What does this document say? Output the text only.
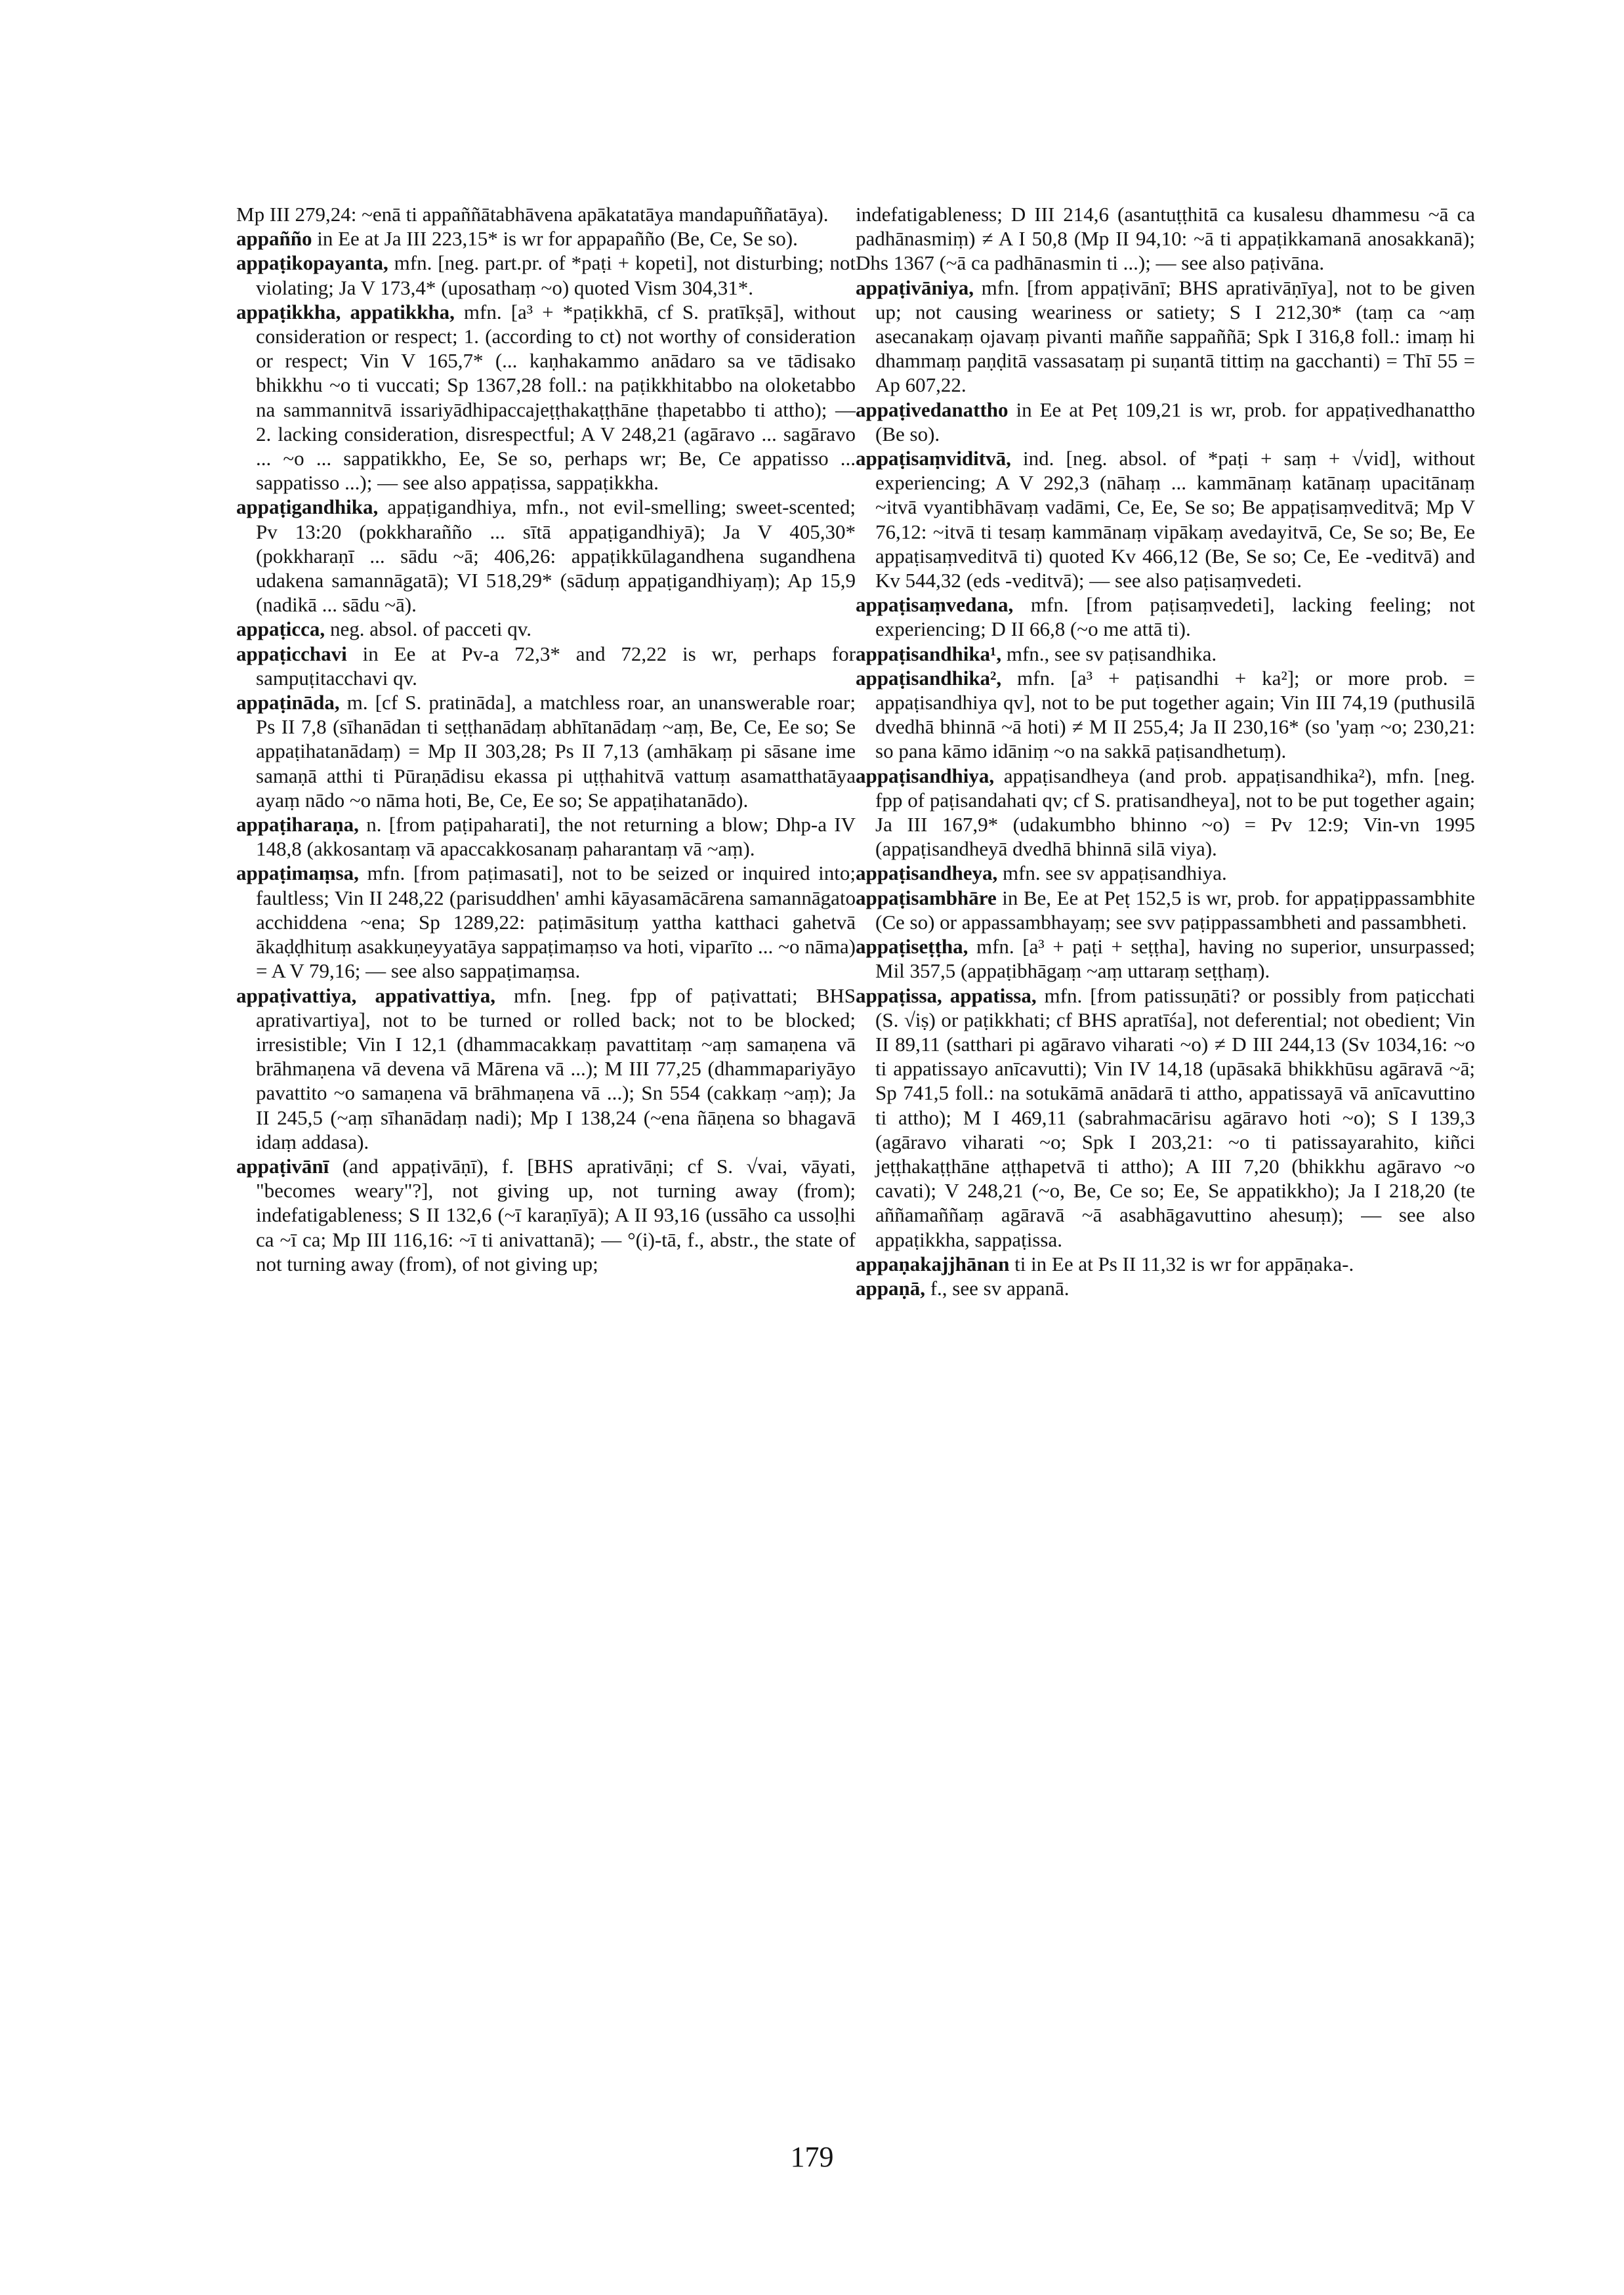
Mp III 279,24: ~enā ti appaññātabhāvena apākatatāya mandapuññatāya).

appañño in Ee at Ja III 223,15* is wr for appapañño (Be, Ce, Se so).

appaṭikopayanta, mfn. [neg. part.pr. of *paṭi + kopeti], not disturbing; not violating; Ja V 173,4* (uposathaṃ ~o) quoted Vism 304,31*.

appaṭikkha, appatikkha, mfn. [a³ + *paṭikkhā, cf S. pratīkṣā], without consideration or respect; 1. (according to ct) not worthy of consideration or respect; Vin V 165,7* (... kaṇhakammo anādaro sa ve tādisako bhikkhu ~o ti vuccati; Sp 1367,28 foll.: na paṭikkhitabbo na oloketabbo na sammannitvā issariyādhipaccajeṭṭhakaṭṭhāne ṭhapetabbo ti attho); — 2. lacking consideration, disrespectful; A V 248,21 (agāravo ... sagāravo ... ~o ... sappatikkho, Ee, Se so, perhaps wr; Be, Ce appatisso ... sappatisso ...); — see also appaṭissa, sappaṭikkha.

appaṭigandhika, appaṭigandhiya, mfn., not evil-smelling; sweet-scented; Pv 13:20 (pokkharañño ... sītā appaṭigandhiyā); Ja V 405,30* (pokkharaṇī ... sādu ~ā; 406,26: appaṭikkūlagandhena sugandhena udakena samannāgatā); VI 518,29* (sāduṃ appaṭigandhiyaṃ); Ap 15,9 (nadikā ... sādu ~ā).

appaṭicca, neg. absol. of pacceti qv.

appaṭicchavi in Ee at Pv-a 72,3* and 72,22 is wr, perhaps for sampuṭitacchavi qv.

appaṭināda, m. [cf S. pratināda], a matchless roar, an unanswerable roar; Ps II 7,8 (sīhanādan ti seṭṭhanādaṃ abhītanādaṃ ~aṃ, Be, Ce, Ee so; Se appaṭihatanādaṃ) = Mp II 303,28; Ps II 7,13 (amhākaṃ pi sāsane ime samaṇā atthi ti Pūraṇādisu ekassa pi uṭṭhahitvā vattuṃ asamatthatāya ayaṃ nādo ~o nāma hoti, Be, Ce, Ee so; Se appaṭihatanādo).

appaṭiharaṇa, n. [from paṭipaharati], the not returning a blow; Dhp-a IV 148,8 (akkosantaṃ vā apaccakkosanaṃ paharantaṃ vā ~aṃ).

appaṭimaṃsa, mfn. [from paṭimasati], not to be seized or inquired into; faultless; Vin II 248,22 (parisuddhen' amhi kāyasamācārena samannāgato acchiddena ~ena; Sp 1289,22: paṭimāsituṃ yattha katthaci gahetvā ākaḍḍhituṃ asakkuṇeyyatāya sappaṭimaṃso va hoti, viparīto ... ~o nāma) = A V 79,16; — see also sappaṭimaṃsa.

appaṭivattiya, appativattiya, mfn. [neg. fpp of paṭivattati; BHS aprativartiya], not to be turned or rolled back; not to be blocked; irresistible; Vin I 12,1 (dhammacakkaṃ pavattitaṃ ~aṃ samaṇena vā brāhmaṇena vā devena vā Mārena vā ...); M III 77,25 (dhammapariyāyo pavattito ~o samaṇena vā brāhmaṇena vā ...); Sn 554 (cakkaṃ ~aṃ); Ja II 245,5 (~aṃ sīhanādaṃ nadi); Mp I 138,24 (~ena ñāṇena so bhagavā idaṃ addasa).

appaṭivānī (and appaṭivāṇī), f. [BHS aprativāṇi; cf S. √vai, vāyati, "becomes weary"?], not giving up, not turning away (from); indefatigableness; S II 132,6 (~ī karaṇīyā); A II 93,16 (ussāho ca ussoḷhi ca ~ī ca; Mp III 116,16: ~ī ti anivattanā); — °(i)-tā, f., abstr., the state of not turning away (from), of not giving up;

indefatigableness; D III 214,6 (asantuṭṭhitā ca kusalesu dhammesu ~ā ca padhānasmiṃ) ≠ A I 50,8 (Mp II 94,10: ~ā ti appaṭikkamanā anosakkanā); Dhs 1367 (~ā ca padhānasmin ti ...); — see also paṭivāna.

appaṭivāniya, mfn. [from appaṭivānī; BHS aprativāṇīya], not to be given up; not causing weariness or satiety; S I 212,30* (taṃ ca ~aṃ asecanakaṃ ojavaṃ pivanti maññe sappaññā; Spk I 316,8 foll.: imaṃ hi dhammaṃ paṇḍitā vassasataṃ pi suṇantā tittiṃ na gacchanti) = Thī 55 = Ap 607,22.

appaṭivedanattho in Ee at Peṭ 109,21 is wr, prob. for appaṭivedhanattho (Be so).

appaṭisaṃviditvā, ind. [neg. absol. of *paṭi + saṃ + √vid], without experiencing; A V 292,3 (nāhaṃ ... kammānaṃ katānaṃ upacitānaṃ ~itvā vyantibhāvaṃ vadāmi, Ce, Ee, Se so; Be appaṭisaṃveditvā; Mp V 76,12: ~itvā ti tesaṃ kammānaṃ vipākaṃ avedayitvā, Ce, Se so; Be, Ee appaṭisaṃveditvā ti) quoted Kv 466,12 (Be, Se so; Ce, Ee -veditvā) and Kv 544,32 (eds -veditvā); — see also paṭisaṃvedeti.

appaṭisaṃvedana, mfn. [from paṭisaṃvedeti], lacking feeling; not experiencing; D II 66,8 (~o me attā ti).

appaṭisandhika¹, mfn., see sv paṭisandhika.

appaṭisandhika², mfn. [a³ + paṭisandhi + ka²]; or more prob. = appaṭisandhiya qv], not to be put together again; Vin III 74,19 (puthusilā dvedhā bhinnā ~ā hoti) ≠ M II 255,4; Ja II 230,16* (so 'yaṃ ~o; 230,21: so pana kāmo idāniṃ ~o na sakkā paṭisandhetuṃ).

appaṭisandhiya, appaṭisandheya (and prob. appaṭisandhika²), mfn. [neg. fpp of paṭisandahati qv; cf S. pratisandheya], not to be put together again; Ja III 167,9* (udakumbho bhinno ~o) = Pv 12:9; Vin-vn 1995 (appaṭisandheyā dvedhā bhinnā silā viya).

appaṭisandheya, mfn. see sv appaṭisandhiya.

appaṭisambhāre in Be, Ee at Peṭ 152,5 is wr, prob. for appaṭippassambhite (Ce so) or appassambhayaṃ; see svv paṭippassambheti and passambheti.

appaṭiseṭṭha, mfn. [a³ + paṭi + seṭṭha], having no superior, unsurpassed; Mil 357,5 (appaṭibhāgaṃ ~aṃ uttaraṃ seṭṭhaṃ).

appaṭissa, appatissa, mfn. [from patissuṇāti? or possibly from paṭicchati (S. √iṣ) or paṭikkhati; cf BHS apratīśa], not deferential; not obedient; Vin II 89,11 (satthari pi agāravo viharati ~o) ≠ D III 244,13 (Sv 1034,16: ~o ti appatissayo anīcavutti); Vin IV 14,18 (upāsakā bhikkhūsu agāravā ~ā; Sp 741,5 foll.: na sotukāmā anādarā ti attho, appatissayā vā anīcavuttino ti attho); M I 469,11 (sabrahmacārisu agāravo hoti ~o); S I 139,3 (agāravo viharati ~o; Spk I 203,21: ~o ti patissayarahito, kiñci jeṭṭhakaṭṭhāne aṭṭhapetvā ti attho); A III 7,20 (bhikkhu agāravo ~o cavati); V 248,21 (~o, Be, Ce so; Ee, Se appatikkho); Ja I 218,20 (te aññamaññaṃ agāravā ~ā asabhāgavuttino ahesuṃ); — see also appaṭikkha, sappaṭissa.

appaṇakajjhānan ti in Ee at Ps II 11,32 is wr for appāṇaka-.

appaṇā, f., see sv appanā.

179
